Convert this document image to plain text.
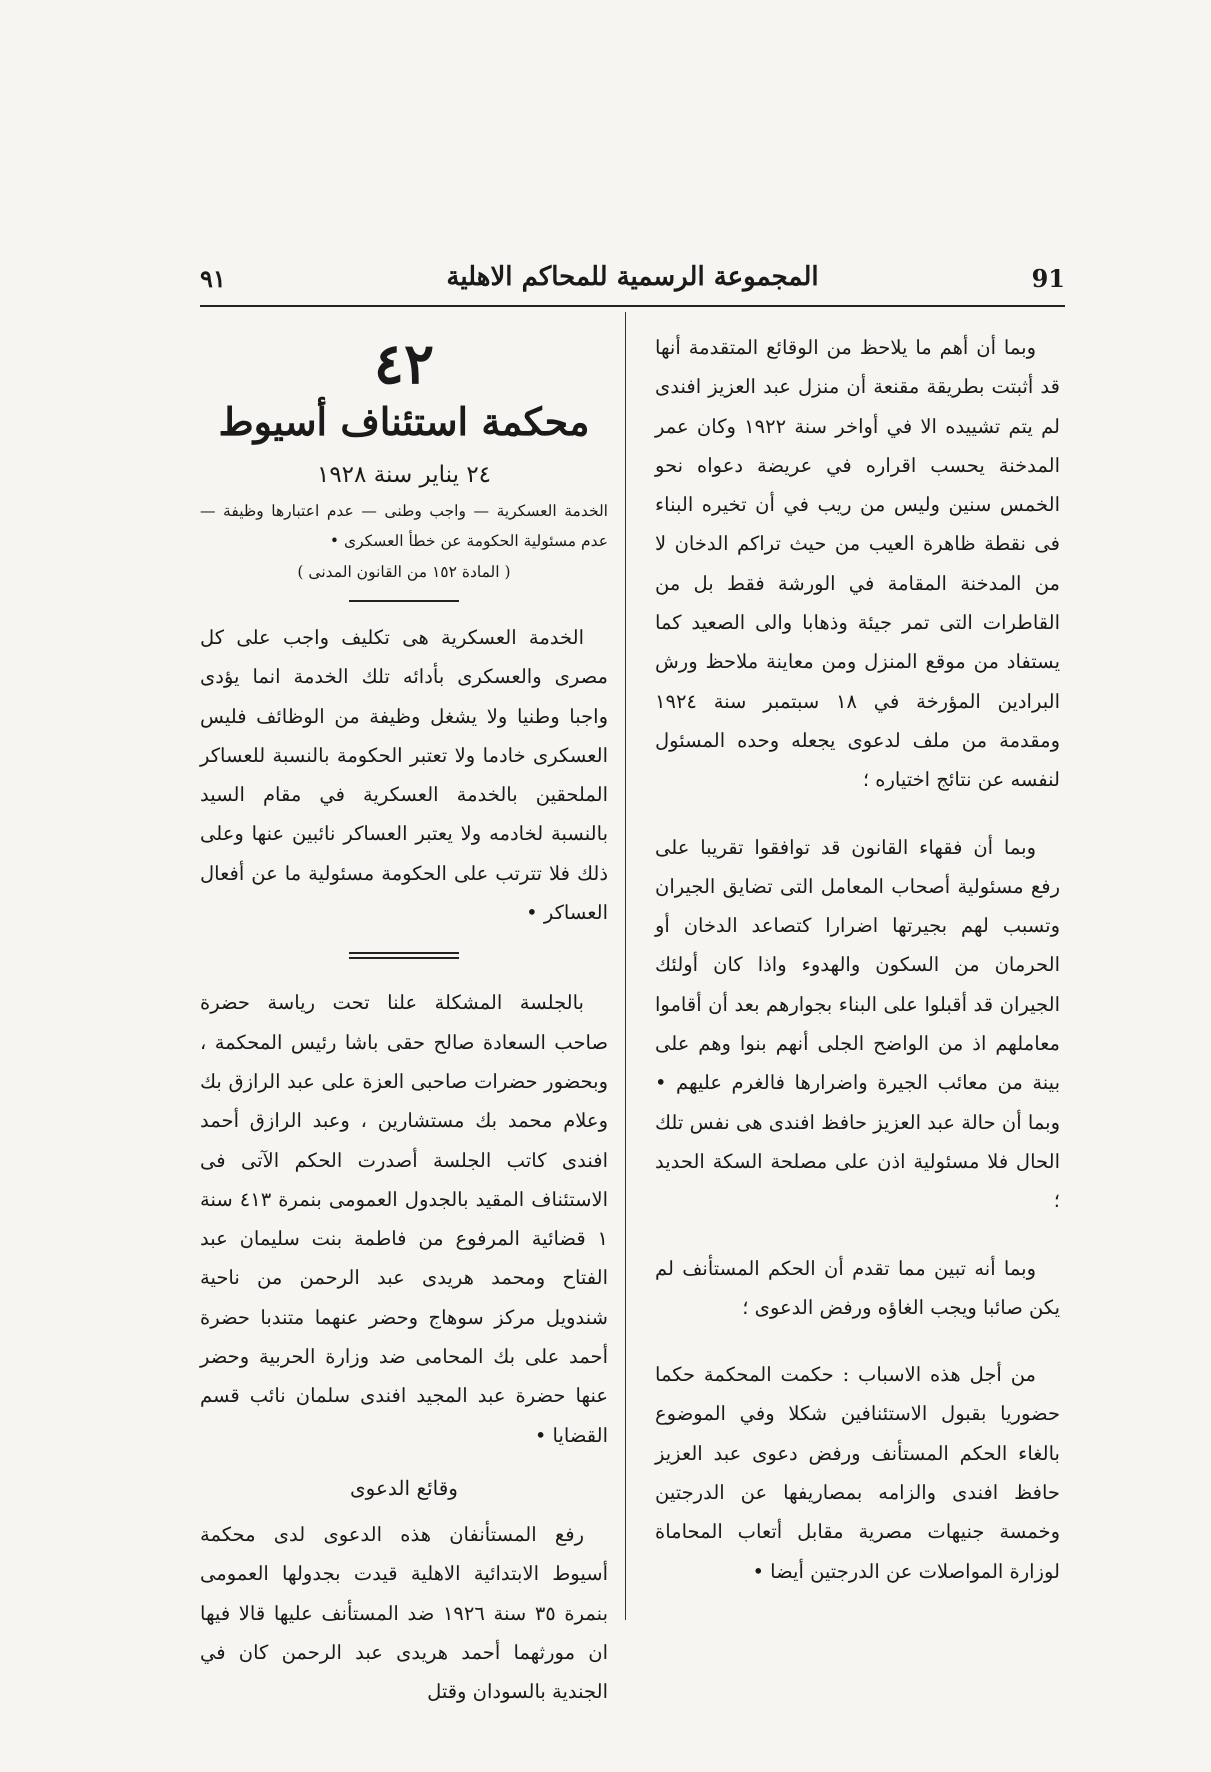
91
المجموعة الرسمية للمحاكم الاهلية
٩١

وبما أن أهم ما يلاحظ من الوقائع المتقدمة أنها قد أثبتت بطريقة مقنعة أن منزل عبد العزيز افندى لم يتم تشييده الا في أواخر سنة ١٩٢٢ وكان عمر المدخنة يحسب اقراره في عريضة دعواه نحو الخمس سنين وليس من ريب في أن تخيره البناء فى نقطة ظاهرة العيب من حيث تراكم الدخان لا من المدخنة المقامة في الورشة فقط بل من القاطرات التى تمر جيئة وذهابا والى الصعيد كما يستفاد من موقع المنزل ومن معاينة ملاحظ ورش البرادين المؤرخة في ١٨ سبتمبر سنة ١٩٢٤ ومقدمة من ملف لدعوى يجعله وحده المسئول لنفسه عن نتائج اختياره ؛

وبما أن فقهاء القانون قد توافقوا تقريبا على رفع مسئولية أصحاب المعامل التى تضايق الجيران وتسبب لهم بجيرتها اضرارا كتصاعد الدخان أو الحرمان من السكون والهدوء واذا كان أولئك الجيران قد أقبلوا على البناء بجوارهم بعد أن أقاموا معاملهم اذ من الواضح الجلى أنهم بنوا وهم على بينة من معائب الجيرة واضرارها فالغرم عليهم • وبما أن حالة عبد العزيز حافظ افندى هى نفس تلك الحال فلا مسئولية اذن على مصلحة السكة الحديد ؛

وبما أنه تبين مما تقدم أن الحكم المستأنف لم يكن صائبا ويجب الغاؤه ورفض الدعوى ؛

من أجل هذه الاسباب : حكمت المحكمة حكما حضوريا بقبول الاستئنافين شكلا وفي الموضوع بالغاء الحكم المستأنف ورفض دعوى عبد العزيز حافظ افندى والزامه بمصاريفها عن الدرجتين وخمسة جنيهات مصرية مقابل أتعاب المحاماة لوزارة المواصلات عن الدرجتين أيضا •

٤٢
محكمة استئناف أسيوط
٢٤ يناير سنة ١٩٢٨

الخدمة العسكرية — واجب وطنى — عدم اعتبارها وظيفة — عدم مسئولية الحكومة عن خطأ العسكرى •

( المادة ١٥٢ من القانون المدنى )

الخدمة العسكرية هى تكليف واجب على كل مصرى والعسكرى بأدائه تلك الخدمة انما يؤدى واجبا وطنيا ولا يشغل وظيفة من الوظائف فليس العسكرى خادما ولا تعتبر الحكومة بالنسبة للعساكر الملحقين بالخدمة العسكرية في مقام السيد بالنسبة لخادمه ولا يعتبر العساكر نائبين عنها وعلى ذلك فلا تترتب على الحكومة مسئولية ما عن أفعال العساكر •

بالجلسة المشكلة علنا تحت رياسة حضرة صاحب السعادة صالح حقى باشا رئيس المحكمة ، وبحضور حضرات صاحبى العزة على عبد الرازق بك وعلام محمد بك مستشارين ، وعبد الرازق أحمد افندى كاتب الجلسة أصدرت الحكم الآتى فى الاستئناف المقيد بالجدول العمومى بنمرة ٤١٣ سنة ١ قضائية المرفوع من فاطمة بنت سليمان عبد الفتاح ومحمد هريدى عبد الرحمن من ناحية شندويل مركز سوهاج وحضر عنهما متندبا حضرة أحمد على بك المحامى ضد وزارة الحربية وحضر عنها حضرة عبد المجيد افندى سلمان نائب قسم القضايا •

وقائع الدعوى

رفع المستأنفان هذه الدعوى لدى محكمة أسيوط الابتدائية الاهلية قيدت بجدولها العمومى بنمرة ٣٥ سنة ١٩٢٦ ضد المستأنف عليها قالا فيها ان مورثهما أحمد هريدى عبد الرحمن كان في الجندية بالسودان وقتل
